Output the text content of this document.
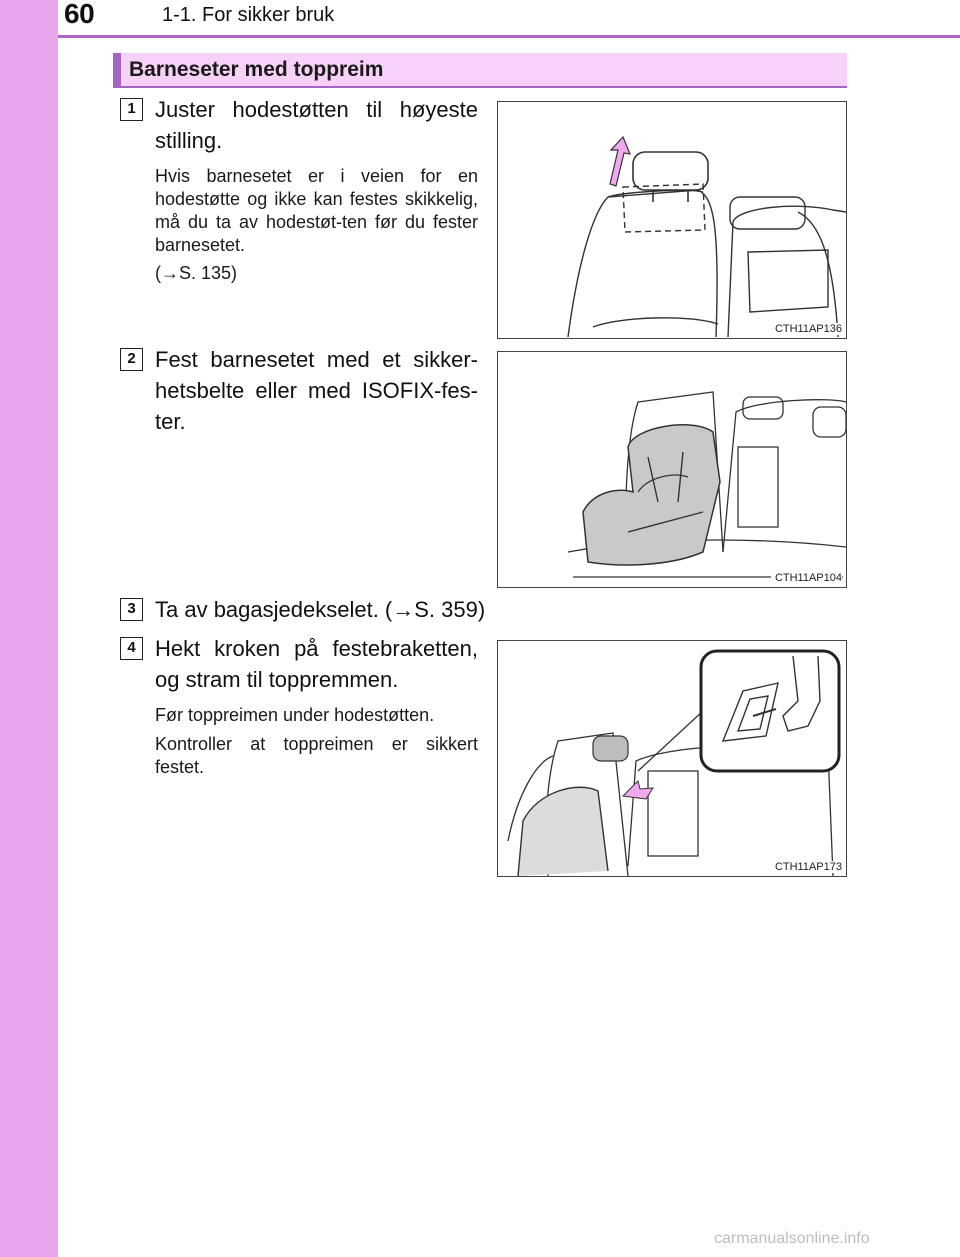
60	1-1. For sikker bruk
Barneseter med toppreim
1 Juster hodestøtten til høyeste stilling.
Hvis barnesetet er i veien for en hodestøtte og ikke kan festes skikkelig, må du ta av hodestøt-ten før du fester barnesetet.
(→S. 135)
CTH11AP136
2 Fest barnesetet med et sikker-hetsbelte eller med ISOFIX-fes-ter.
CTH11AP104
3 Ta av bagasjedekselet. (→S. 359)
4 Hekt kroken på festebraketten, og stram til toppremmen.
Før toppreimen under hodestøtten.
Kontroller at toppreimen er sikkert festet.
CTH11AP173
carmanualsonline.info
